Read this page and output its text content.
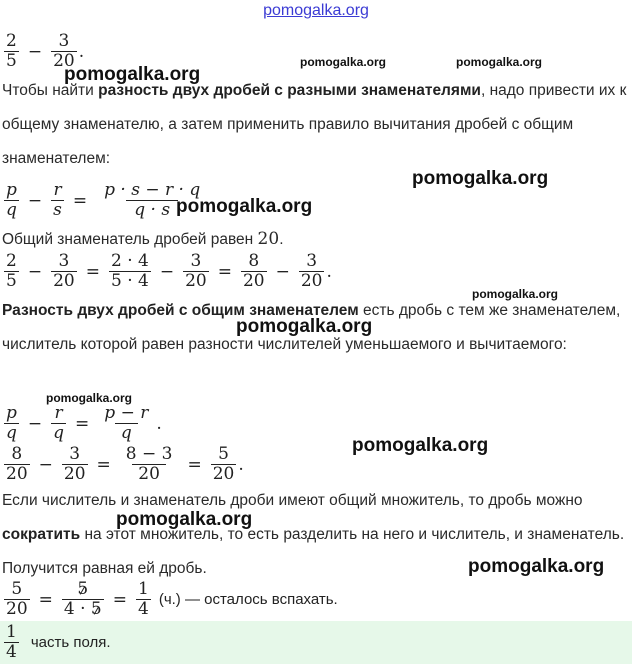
pomogalka.org
$\frac{2}{5} - \frac{3}{20}$ .
Чтобы найти разность двух дробей с разными знаменателями, надо привести их к общему знаменателю, а затем применить правило вычитания дробей с общим знаменателем:
$\frac{p}{q} - \frac{r}{s} = \frac{p \cdot s - r \cdot q}{q \cdot s}$
Общий знаменатель дробей равен 20.
$\frac{2}{5} - \frac{3}{20} = \frac{2 \cdot 4}{5 \cdot 4} - \frac{3}{20} = \frac{8}{20} - \frac{3}{20}$ .
Разность двух дробей с общим знаменателем есть дробь с тем же знаменателем, числитель которой равен разности числителей уменьшаемого и вычитаемого:
$\frac{p}{q} - \frac{r}{q} = \frac{p - r}{q}$ .
$\frac{8}{20} - \frac{3}{20} = \frac{8 - 3}{20} = \frac{5}{20}$ .
Если числитель и знаменатель дроби имеют общий множитель, то дробь можно сократить на этот множитель, то есть разделить на него и числитель, и знаменатель. Получится равная ей дробь.
$\frac{5}{20} = \frac{5}{4 \cdot 5} = \frac{1}{4} (ч.)$ — осталось вспахать.
$\frac{1}{4}$ часть поля.
pomogalka.org
pomogalka.org	pomogalka.org
pomogalka.org
pomogalka.org
pomogalka.org
pomogalka.org
pomogalka.org
pomogalka.org
pomogalka.org
pomogalka.org
